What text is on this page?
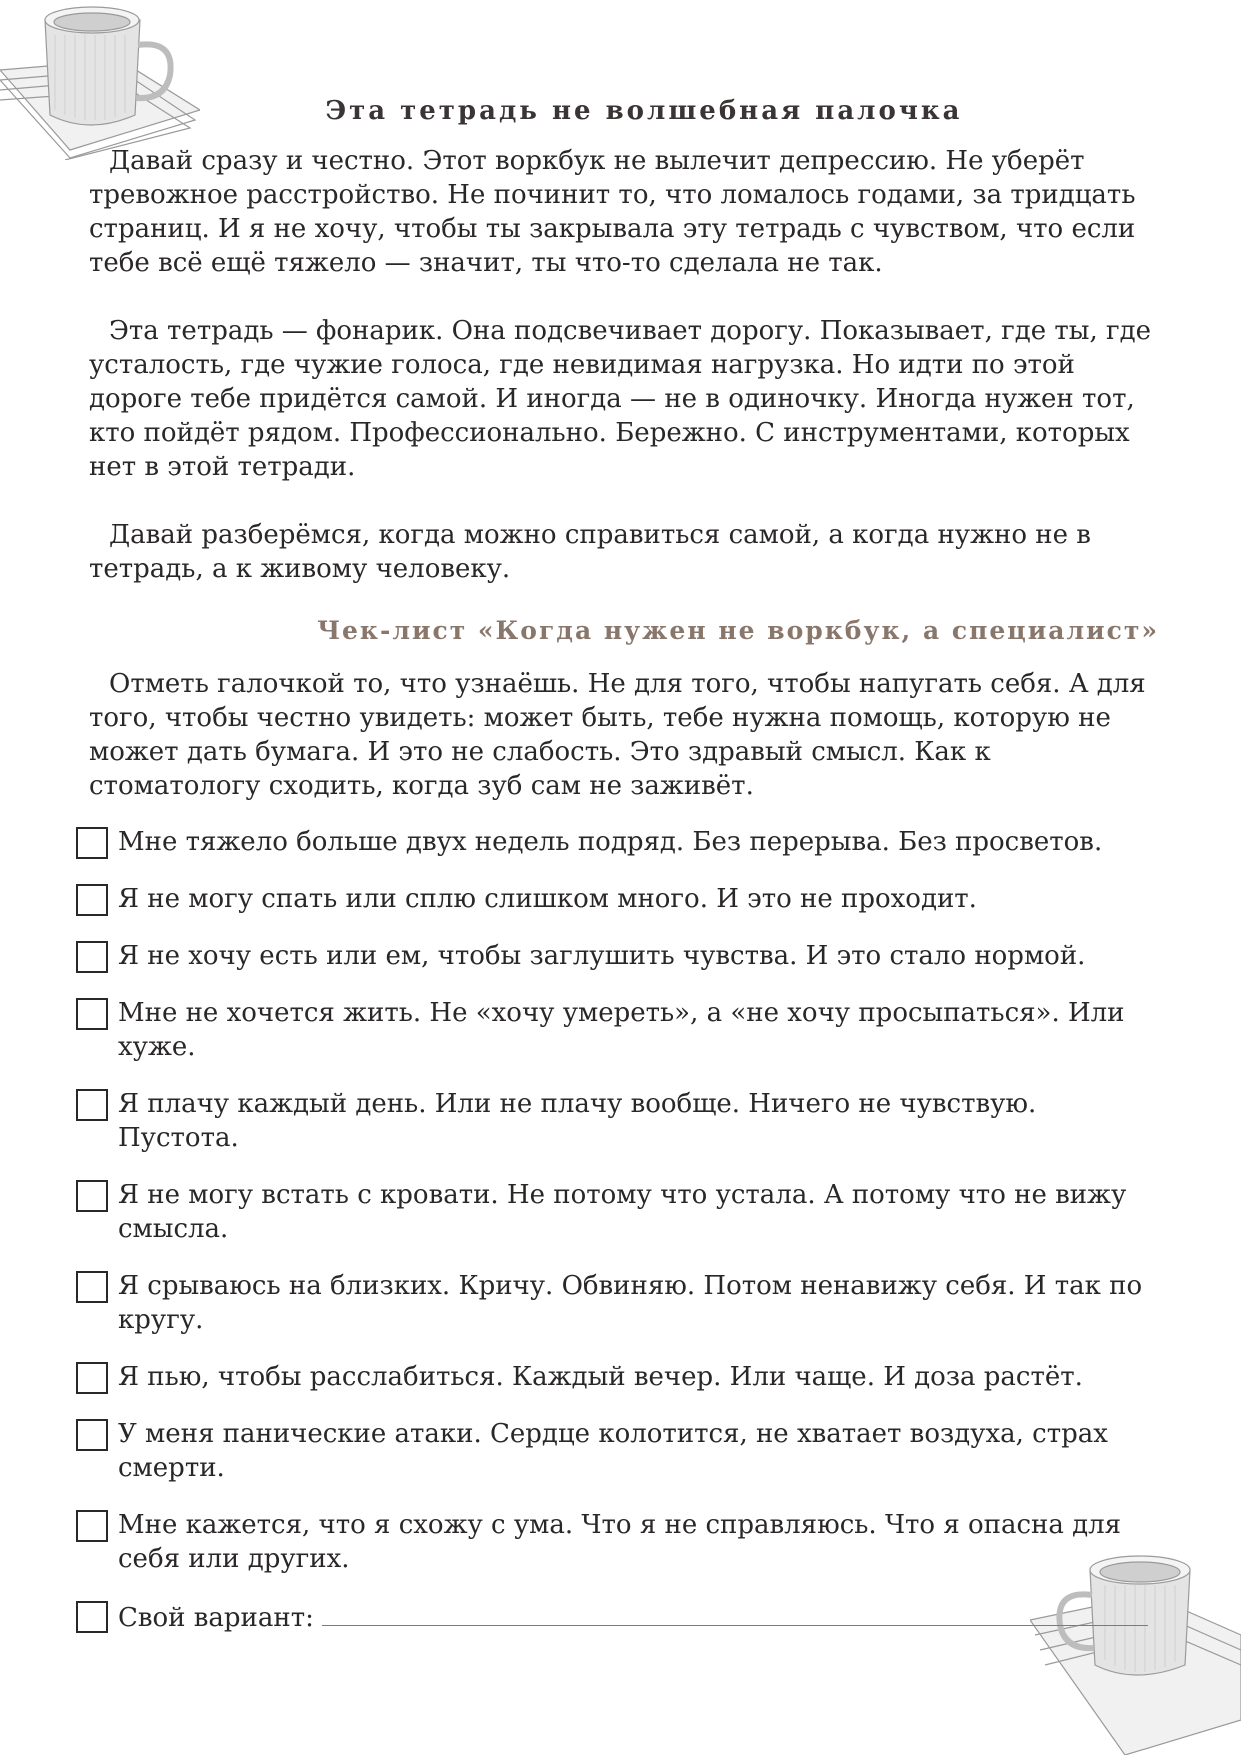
Эта тетрадь не волшебная палочка

Давай сразу и честно. Этот воркбук не вылечит депрессию. Не уберёт тревожное расстройство. Не починит то, что ломалось годами, за тридцать страниц. И я не хочу, чтобы ты закрывала эту тетрадь с чувством, что если тебе всё ещё тяжело — значит, ты что-то сделала не так.

Эта тетрадь — фонарик. Она подсвечивает дорогу. Показывает, где ты, где усталость, где чужие голоса, где невидимая нагрузка. Но идти по этой дороге тебе придётся самой. И иногда — не в одиночку. Иногда нужен тот, кто пойдёт рядом. Профессионально. Бережно. С инструментами, которых нет в этой тетради.

Давай разберёмся, когда можно справиться самой, а когда нужно не в тетрадь, а к живому человеку.

Чек-лист «Когда нужен не воркбук, а специалист»

Отметь галочкой то, что узнаёшь. Не для того, чтобы напугать себя. А для того, чтобы честно увидеть: может быть, тебе нужна помощь, которую не может дать бумага. И это не слабость. Это здравый смысл. Как к стоматологу сходить, когда зуб сам не заживёт.

Мне тяжело больше двух недель подряд. Без перерыва. Без просветов.
Я не могу спать или сплю слишком много. И это не проходит.
Я не хочу есть или ем, чтобы заглушить чувства. И это стало нормой.
Мне не хочется жить. Не «хочу умереть», а «не хочу просыпаться». Или хуже.
Я плачу каждый день. Или не плачу вообще. Ничего не чувствую. Пустота.
Я не могу встать с кровати. Не потому что устала. А потому что не вижу смысла.
Я срываюсь на близких. Кричу. Обвиняю. Потом ненавижу себя. И так по кругу.
Я пью, чтобы расслабиться. Каждый вечер. Или чаще. И доза растёт.
У меня панические атаки. Сердце колотится, не хватает воздуха, страх смерти.
Мне кажется, что я схожу с ума. Что я не справляюсь. Что я опасна для себя или других.
Свой вариант:
